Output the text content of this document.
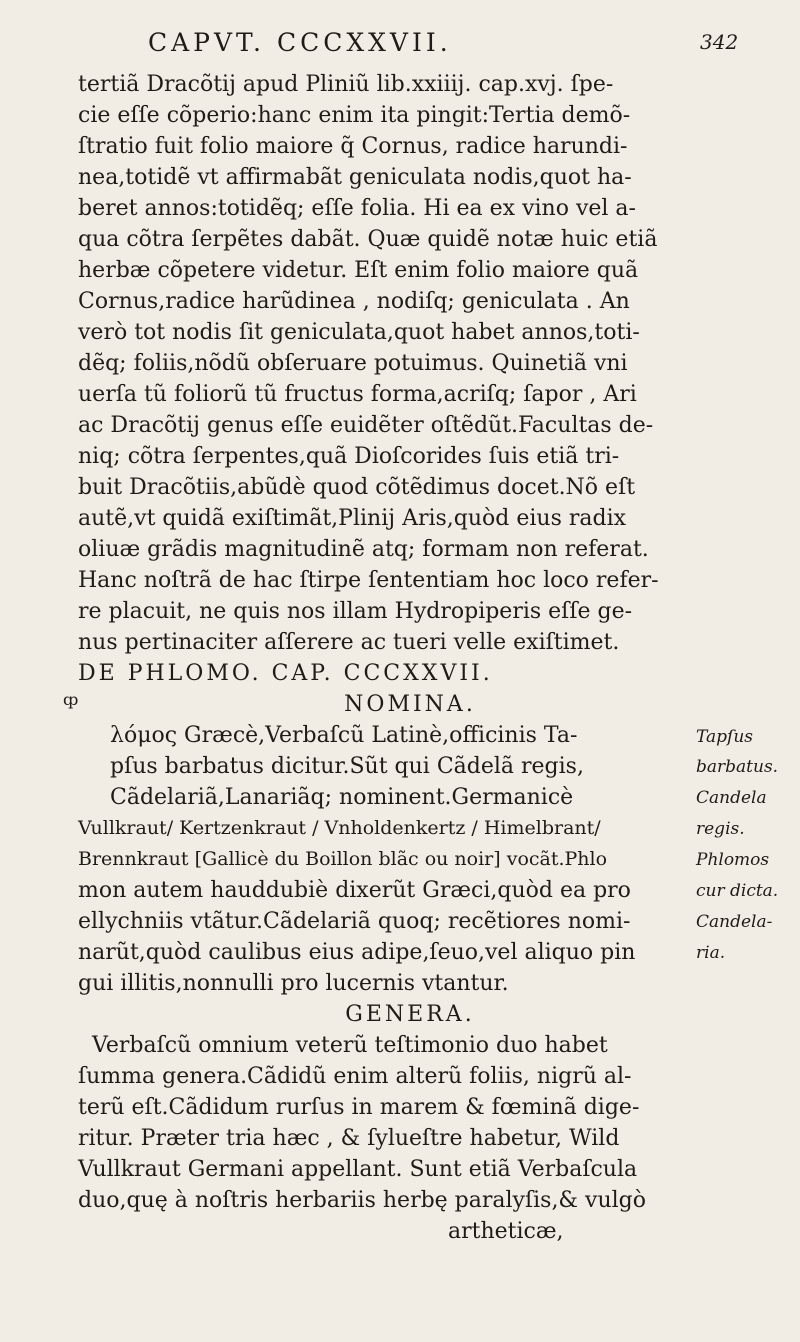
CAPVT. CCCXXVII.	342
tertiã Dracõtij apud Pliniũ lib.xxiiij. cap.xvj. ſpe-
cie eſſe cõperio:hanc enim ita pingit:Tertia demõ-
ſtratio fuit folio maiore q̃ Cornus, radice harundi-
nea,totidẽ vt affirmabãt geniculata nodis,quot ha-
beret annos:totidẽq; eſſe folia. Hi ea ex vino vel a-
qua cõtra ſerpẽtes dabãt. Quæ quidẽ notæ huic etiã
herbæ cõpetere videtur. Eſt enim folio maiore quã
Cornus,radice harũdinea , nodiſq; geniculata . An
verò tot nodis ſit geniculata,quot habet annos,toti-
dẽq; foliis,nõdũ obſeruare potuimus. Quinetiã vni
uerſa tũ foliorũ tũ fructus forma,acriſq; ſapor , Ari
ac Dracõtij genus eſſe euidẽter oſtẽdũt.Facultas de-
niq; cõtra ſerpentes,quã Dioſcorides ſuis etiã tri-
buit Dracõtiis,abũdè quod cõtẽdimus docet.Nõ eſt
autẽ,vt quidã exiſtimãt,Plinij Aris,quòd eius radix
oliuæ grãdis magnitudinẽ atq; formam non referat.
Hanc noſtrã de hac ſtirpe ſententiam hoc loco refer-
re placuit, ne quis nos illam Hydropiperis eſſe ge-
nus pertinaciter aſſerere ac tueri velle exiſtimet.
DE PHLOMO. CAP. CCCXXVII.
NOMINA.
λόμος Græcè,Verbaſcũ Latinè,officinis Ta-
pſus barbatus dicitur.Sũt qui Cãdelã regis,
Cãdelariã,Lanariãq; nominent.Germanicè
Vullkraut/ Kertzenkraut / Vnholdenkertz / Himelbrant/
Brennkraut [Gallicè du Boillon blãc ou noir] vocãt.Phlo
mon autem hauddubiè dixerũt Græci,quòd ea pro
ellychniis vtãtur.Cãdelariã quoq; recẽtiores nomi-
narũt,quòd caulibus eius adipe,ſeuo,vel aliquo pin
gui illitis,nonnulli pro lucernis vtantur.
GENERA.
Verbaſcũ omnium veterũ teſtimonio duo habet
ſumma genera.Cãdidũ enim alterũ foliis, nigrũ al-
terũ eſt.Cãdidum rurſus in marem & fœminã dige-
ritur. Præter tria hæc , & ſylueſtre habetur, Wild
Vullkraut Germani appellant. Sunt etiã Verbaſcula
duo,quę à noſtris herbariis herbę paralyſis,& vulgò
artheticæ,
ȹ
Tapſus
barbatus.
Candela
regis.
Phlomos
cur dicta.
Candela-
ria.
